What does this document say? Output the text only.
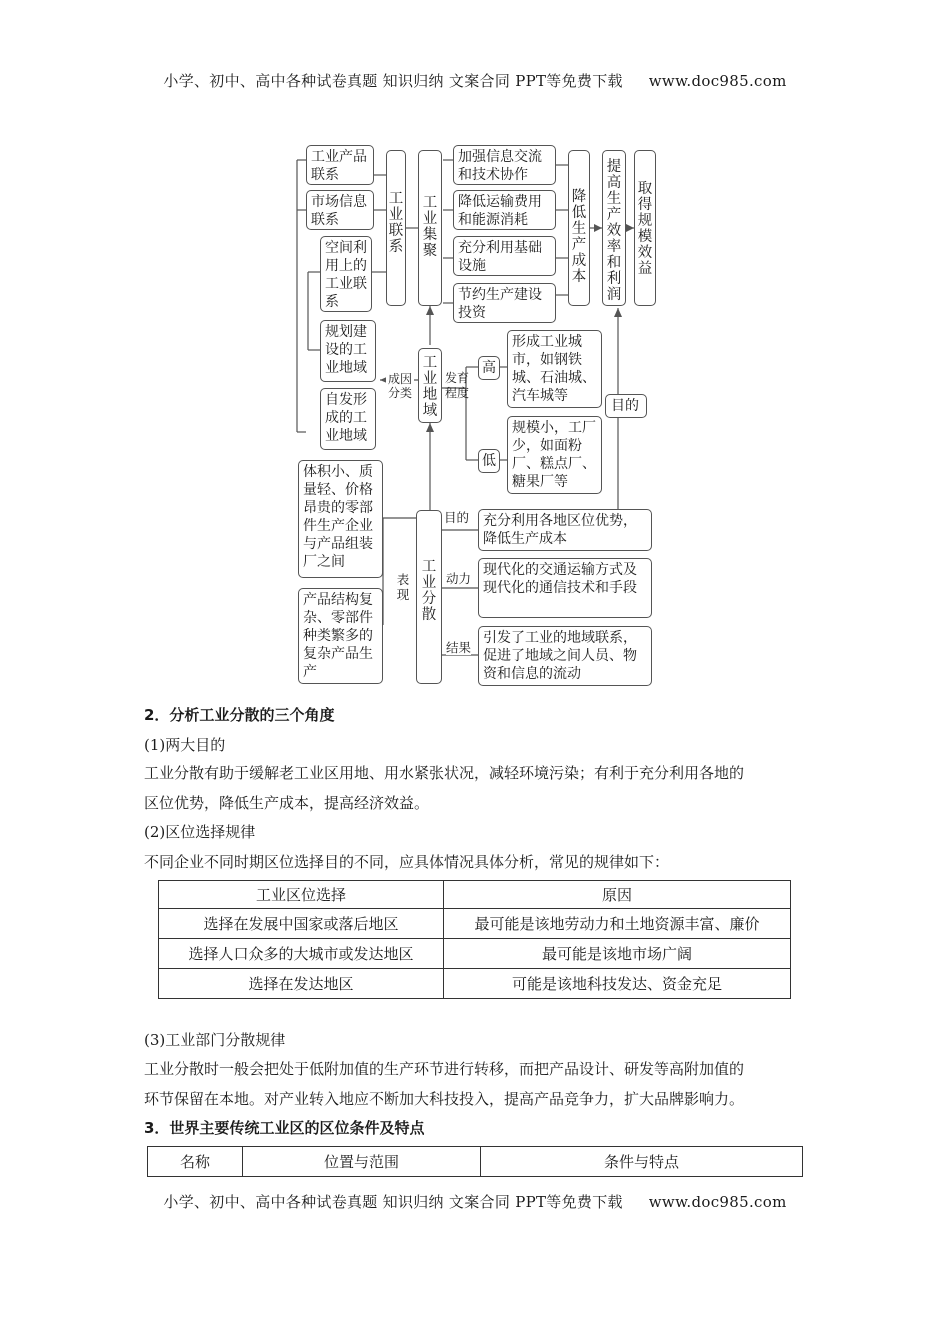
小学、初中、高中各种试卷真题 知识归纳 文案合同 PPT等免费下载 www.doc985.com
工业产品联系
市场信息联系
空间利用上的工业联系
规划建设的工业地域
自发形成的工业地域
工业联系
工业集聚
加强信息交流和技术协作
降低运输费用和能源消耗
充分利用基础设施
节约生产建设投资
降低生产成本
提高生产效率和利润
取得规模效益
工业地域
成因分类
发育程度
高
低
形成工业城市，如钢铁城、石油城、汽车城等
规模小，工厂少，如面粉厂、糕点厂、糖果厂等
目的
工业分散
表现
体积小、质量轻、价格昂贵的零部件生产企业与产品组装厂之间
产品结构复杂、零部件种类繁多的复杂产品生产
目的
动力
结果
充分利用各地区位优势，降低生产成本
现代化的交通运输方式及现代化的通信技术和手段
引发了工业的地域联系，促进了地域之间人员、物资和信息的流动
2．分析工业分散的三个角度
(1)两大目的
工业分散有助于缓解老工业区用地、用水紧张状况，减轻环境污染；有利于充分利用各地的
区位优势，降低生产成本，提高经济效益。
(2)区位选择规律
不同企业不同时期区位选择目的不同，应具体情况具体分析，常见的规律如下：
工业区位选择	原因
选择在发展中国家或落后地区	最可能是该地劳动力和土地资源丰富、廉价
选择人口众多的大城市或发达地区	最可能是该地市场广阔
选择在发达地区	可能是该地科技发达、资金充足
(3)工业部门分散规律
工业分散时一般会把处于低附加值的生产环节进行转移，而把产品设计、研发等高附加值的
环节保留在本地。对产业转入地应不断加大科技投入，提高产品竞争力，扩大品牌影响力。
3．世界主要传统工业区的区位条件及特点
名称	位置与范围	条件与特点
小学、初中、高中各种试卷真题 知识归纳 文案合同 PPT等免费下载 www.doc985.com
